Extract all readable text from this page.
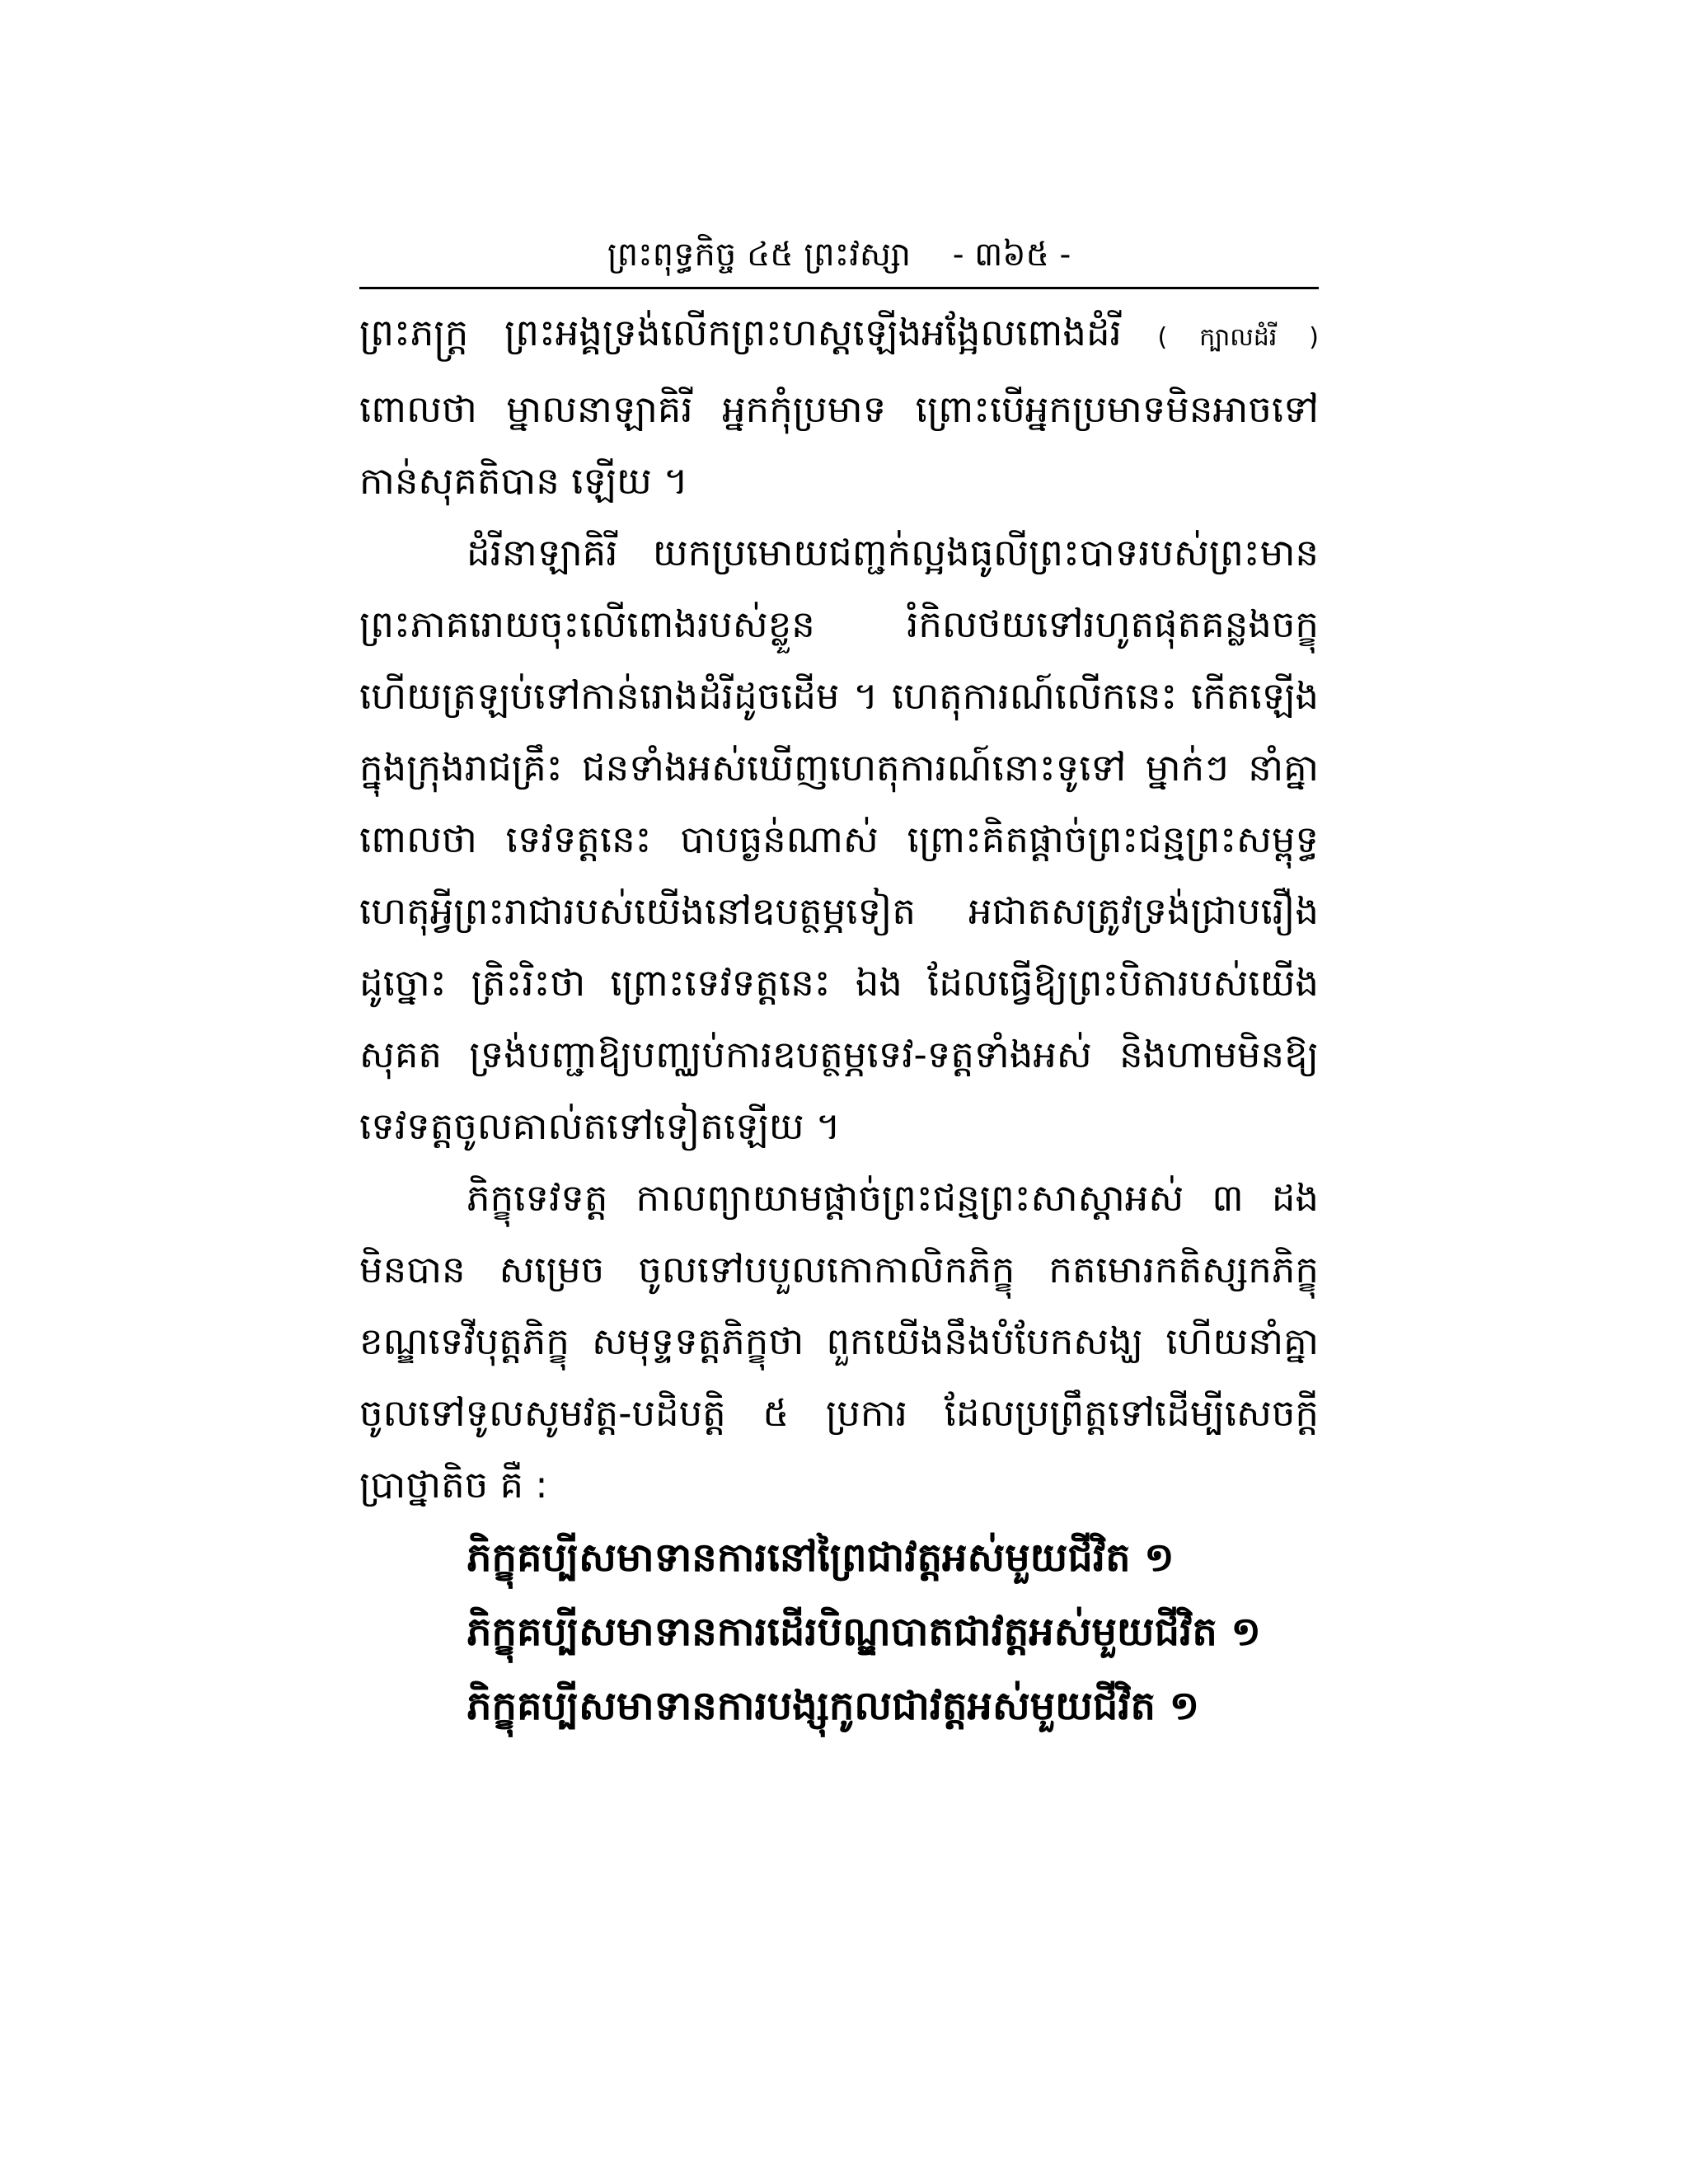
ព្រះពុទ្ធកិច្ច ៤៥ ព្រះវស្សា - ៣៦៥ -

ព្រះភក្ត្រ ព្រះអង្គទ្រង់លើកព្រះហស្តឡើងអង្អែលពោងដំរី ( ក្បាលដំរី ) ពោលថា ម្នាលនាឡាគិរី អ្នកកុំប្រមាទ ព្រោះបើអ្នកប្រមាទមិនអាចទៅកាន់សុគតិបាន ឡើយ ។

ដំរីនាឡាគិរី យកប្រមោយជញ្ជក់ល្អងធូលីព្រះបាទរបស់ព្រះមានព្រះភាគរោយចុះលើពោងរបស់ខ្លួន រំកិលថយទៅរហូតផុតគន្លងចក្ខុ ហើយត្រឡប់ទៅកាន់រោងដំរីដូចដើម ។ ហេតុការណ៍លើកនេះ កើតឡើងក្នុងក្រុងរាជគ្រឹះ ជនទាំងអស់ឃើញហេតុការណ៍នោះទូទៅ ម្នាក់ៗ នាំគ្នាពោលថា ទេវទត្តនេះ បាបធ្ងន់ណាស់ ព្រោះគិតផ្តាច់ព្រះជន្មព្រះសម្ពុទ្ធ ហេតុអ្វីព្រះរាជារបស់យើងនៅឧបត្ថម្ភទៀត អជាតសត្រូវទ្រង់ជ្រាបរឿងដូច្នោះ ត្រិះរិះថា ព្រោះទេវទត្តនេះ ឯង ដែលធ្វើឱ្យព្រះបិតារបស់យើងសុគត ទ្រង់បញ្ជាឱ្យបញ្ឈប់ការឧបត្ថម្ភទេវ-ទត្តទាំងអស់ និងហាមមិនឱ្យទេវទត្តចូលគាល់តទៅទៀតឡើយ ។

ភិក្ខុទេវទត្ត កាលព្យាយាមផ្តាច់ព្រះជន្មព្រះសាស្តាអស់ ៣ ដង មិនបាន សម្រេច ចូលទៅបបួលកោកាលិកភិក្ខុ កតមោរកតិស្សកភិក្ខុ ខណ្ឌទេវីបុត្តភិក្ខុ សមុទ្ទទត្តភិក្ខុថា ពួកយើងនឹងបំបែកសង្ឃ ហើយនាំគ្នាចូលទៅទូលសូមវត្ត-បដិបត្តិ ៥ ប្រការ ដែលប្រព្រឹត្តទៅដើម្បីសេចក្តីប្រាថ្នាតិច គឺ :

ភិក្ខុគប្បីសមាទានការនៅព្រៃជាវត្តអស់មួយជីវិត ១
ភិក្ខុគប្បីសមាទានការដើរបិណ្ឌបាតជាវត្តអស់មួយជីវិត ១
ភិក្ខុគប្បីសមាទានការបង្សុកូលជាវត្តអស់មួយជីវិត ១
